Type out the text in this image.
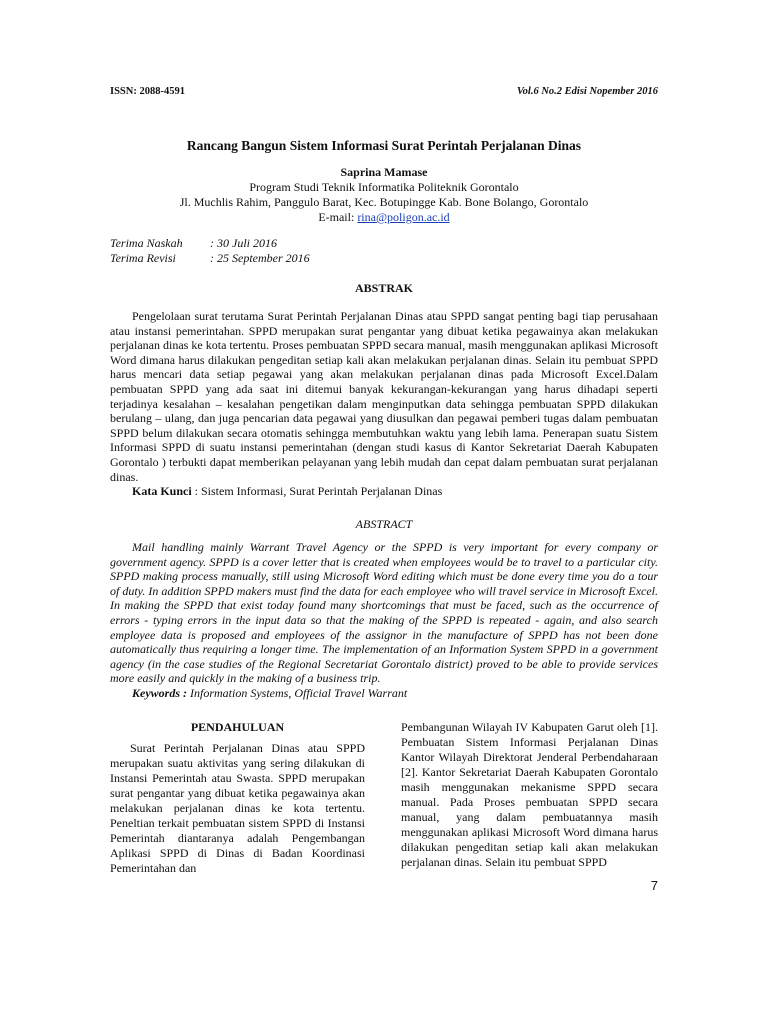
ISSN: 2088-4591	Vol.6 No.2 Edisi Nopember 2016
Rancang Bangun Sistem Informasi Surat Perintah Perjalanan Dinas
Saprina Mamase
Program Studi Teknik Informatika Politeknik Gorontalo
Jl. Muchlis Rahim, Panggulo Barat, Kec. Botupingge Kab. Bone Bolango, Gorontalo
E-mail: rina@poligon.ac.id
Terima Naskah	: 30 Juli 2016
Terima Revisi	: 25 September 2016
ABSTRAK

Pengelolaan surat terutama Surat Perintah Perjalanan Dinas atau SPPD sangat penting bagi tiap perusahaan atau instansi pemerintahan. SPPD merupakan surat pengantar yang dibuat ketika pegawainya akan melakukan perjalanan dinas ke kota tertentu. Proses pembuatan SPPD secara manual, masih menggunakan aplikasi Microsoft Word dimana harus dilakukan pengeditan setiap kali akan melakukan perjalanan dinas. Selain itu pembuat SPPD harus mencari data setiap pegawai yang akan melakukan perjalanan dinas pada Microsoft Excel.Dalam pembuatan SPPD yang ada saat ini ditemui banyak kekurangan-kekurangan yang harus dihadapi seperti terjadinya kesalahan – kesalahan pengetikan dalam menginputkan data sehingga pembuatan SPPD dilakukan berulang – ulang, dan juga pencarian data pegawai yang diusulkan dan pegawai pemberi tugas dalam pembuatan SPPD belum dilakukan secara otomatis sehingga membutuhkan waktu yang lebih lama. Penerapan suatu Sistem Informasi SPPD di suatu instansi pemerintahan (dengan studi kasus di Kantor Sekretariat Daerah Kabupaten Gorontalo ) terbukti dapat memberikan pelayanan yang lebih mudah dan cepat dalam pembuatan surat perjalanan dinas.

Kata Kunci : Sistem Informasi, Surat Perintah Perjalanan Dinas

ABSTRACT

Mail handling mainly Warrant Travel Agency or the SPPD is very important for every company or government agency. SPPD is a cover letter that is created when employees would be to travel to a particular city. SPPD making process manually, still using Microsoft Word editing which must be done every time you do a tour of duty. In addition SPPD makers must find the data for each employee who will travel service in Microsoft Excel. In making the SPPD that exist today found many shortcomings that must be faced, such as the occurrence of errors - typing errors in the input data so that the making of the SPPD is repeated - again, and also search employee data is proposed and employees of the assignor in the manufacture of SPPD has not been done automatically thus requiring a longer time. The implementation of an Information System SPPD in a government agency (in the case studies of the Regional Secretariat Gorontalo district) proved to be able to provide services more easily and quickly in the making of a business trip.

Keywords : Information Systems, Official Travel Warrant

PENDAHULUAN

Surat Perintah Perjalanan Dinas atau SPPD merupakan suatu aktivitas yang sering dilakukan di Instansi Pemerintah atau Swasta. SPPD merupakan surat pengantar yang dibuat ketika pegawainya akan melakukan perjalanan dinas ke kota tertentu. Peneltian terkait pembuatan sistem SPPD di Instansi Pemerintah diantaranya adalah Pengembangan Aplikasi SPPD di Dinas di Badan Koordinasi Pemerintahan dan

Pembangunan Wilayah IV Kabupaten Garut oleh [1]. Pembuatan Sistem Informasi Perjalanan Dinas Kantor Wilayah Direktorat Jenderal Perbendaharaan [2]. Kantor Sekretariat Daerah Kabupaten Gorontalo masih menggunakan mekanisme SPPD secara manual. Pada Proses pembuatan SPPD secara manual, yang dalam pembuatannya masih menggunakan aplikasi Microsoft Word dimana harus dilakukan pengeditan setiap kali akan melakukan perjalanan dinas. Selain itu pembuat SPPD

7
